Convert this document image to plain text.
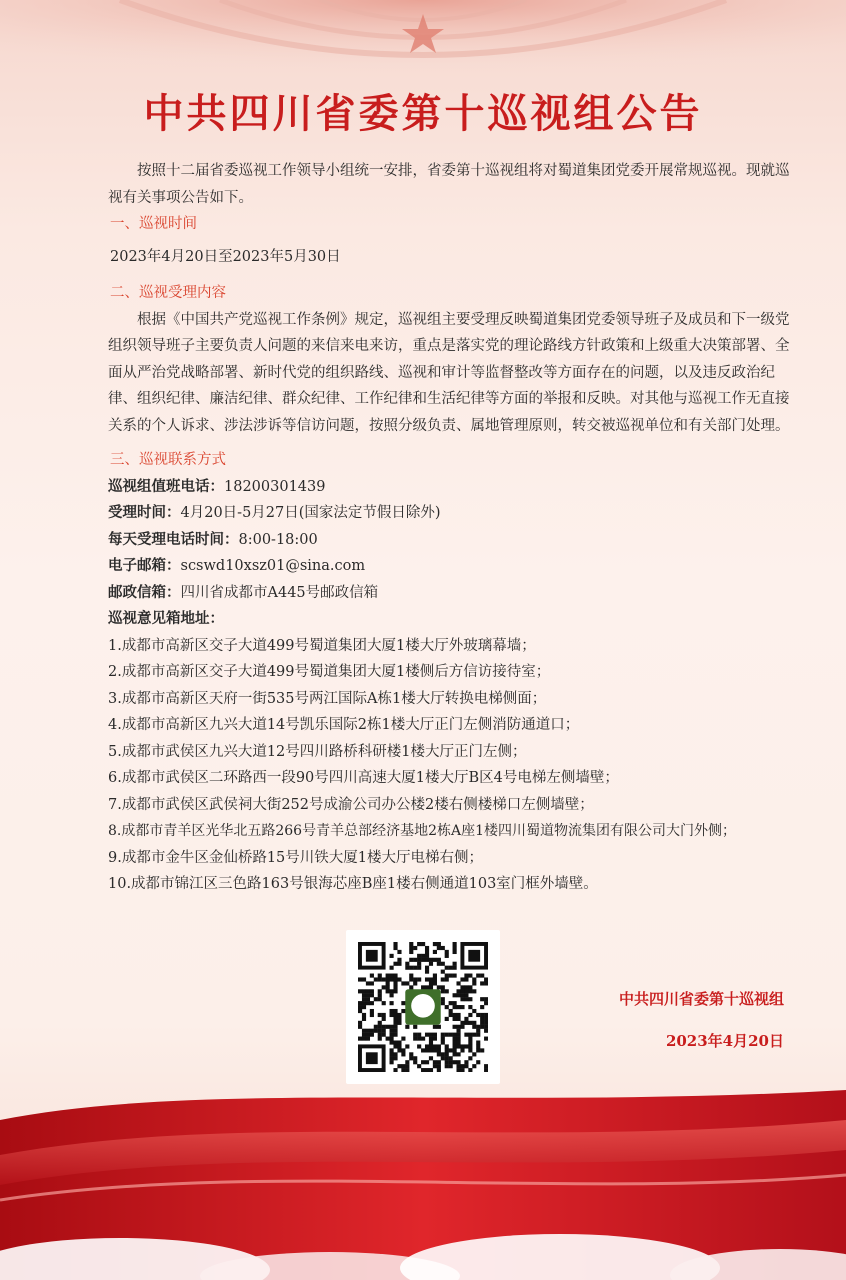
中共四川省委第十巡视组公告

按照十二届省委巡视工作领导小组统一安排，省委第十巡视组将对蜀道集团党委开展常规巡视。现就巡视有关事项公告如下。

一、巡视时间

2023年4月20日至2023年5月30日

二、巡视受理内容

根据《中国共产党巡视工作条例》规定，巡视组主要受理反映蜀道集团党委领导班子及成员和下一级党组织领导班子主要负责人问题的来信来电来访，重点是落实党的理论路线方针政策和上级重大决策部署、全面从严治党战略部署、新时代党的组织路线、巡视和审计等监督整改等方面存在的问题，以及违反政治纪律、组织纪律、廉洁纪律、群众纪律、工作纪律和生活纪律等方面的举报和反映。对其他与巡视工作无直接关系的个人诉求、涉法涉诉等信访问题，按照分级负责、属地管理原则，转交被巡视单位和有关部门处理。

三、巡视联系方式

巡视组值班电话：18200301439

受理时间：4月20日-5月27日(国家法定节假日除外)

每天受理电话时间：8:00-18:00

电子邮箱：scswd10xsz01@sina.com

邮政信箱：四川省成都市A445号邮政信箱

巡视意见箱地址：

1.成都市高新区交子大道499号蜀道集团大厦1楼大厅外玻璃幕墙；

2.成都市高新区交子大道499号蜀道集团大厦1楼侧后方信访接待室；

3.成都市高新区天府一街535号两江国际A栋1楼大厅转换电梯侧面；

4.成都市高新区九兴大道14号凯乐国际2栋1楼大厅正门左侧消防通道口；

5.成都市武侯区九兴大道12号四川路桥科研楼1楼大厅正门左侧；

6.成都市武侯区二环路西一段90号四川高速大厦1楼大厅B区4号电梯左侧墙壁；

7.成都市武侯区武侯祠大街252号成渝公司办公楼2楼右侧楼梯口左侧墙壁；

8.成都市青羊区光华北五路266号青羊总部经济基地2栋A座1楼四川蜀道物流集团有限公司大门外侧；

9.成都市金牛区金仙桥路15号川铁大厦1楼大厅电梯右侧；

10.成都市锦江区三色路163号银海芯座B座1楼右侧通道103室门框外墙壁。

中共四川省委第十巡视组
2023年4月20日
